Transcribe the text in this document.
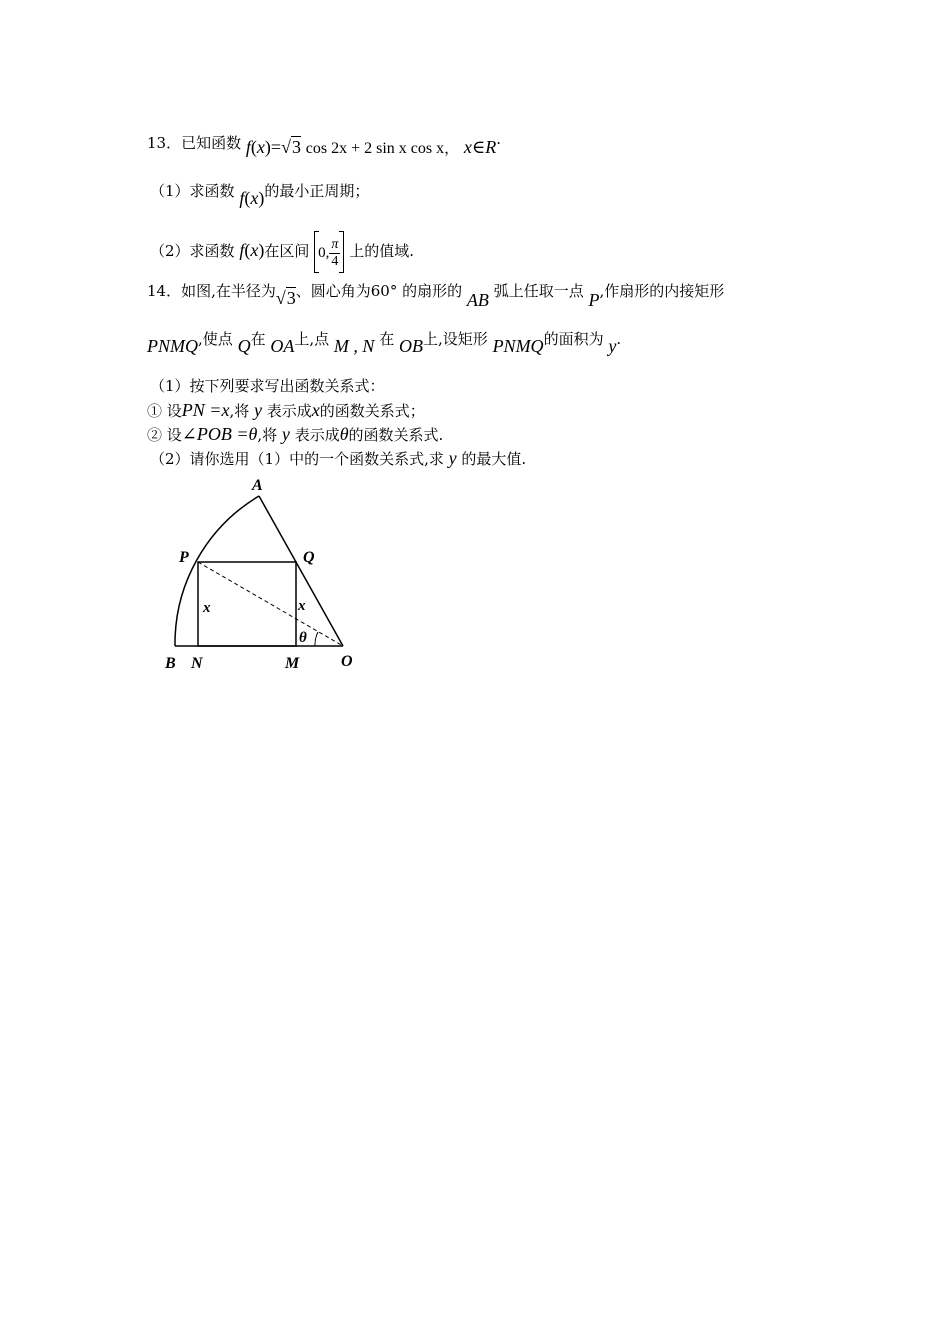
13．已知函数 f(x)=√3 cos 2x + 2 sin x cos x， x∈R·
（1）求函数 f(x)的最小正周期；
（2）求函数 f(x)在区间 0, $\frac{\pi}{4}$ 上的值域.
14．如图,在半径为√3、圆心角为60° 的扇形的 AB 弧上任取一点 P,作扇形的内接矩形
PNMQ,使点 Q在 OA上,点 M , N 在 OB上,设矩形 PNMQ的面积为 y.
（1）按下列要求写出函数关系式：
① 设PN =x,将 y 表示成x的函数关系式；
② 设∠POB =θ,将 y 表示成θ的函数关系式.
（2）请你选用（1）中的一个函数关系式,求 y 的最大值.
A
P	Q
B N	M	O
x	x
θ
